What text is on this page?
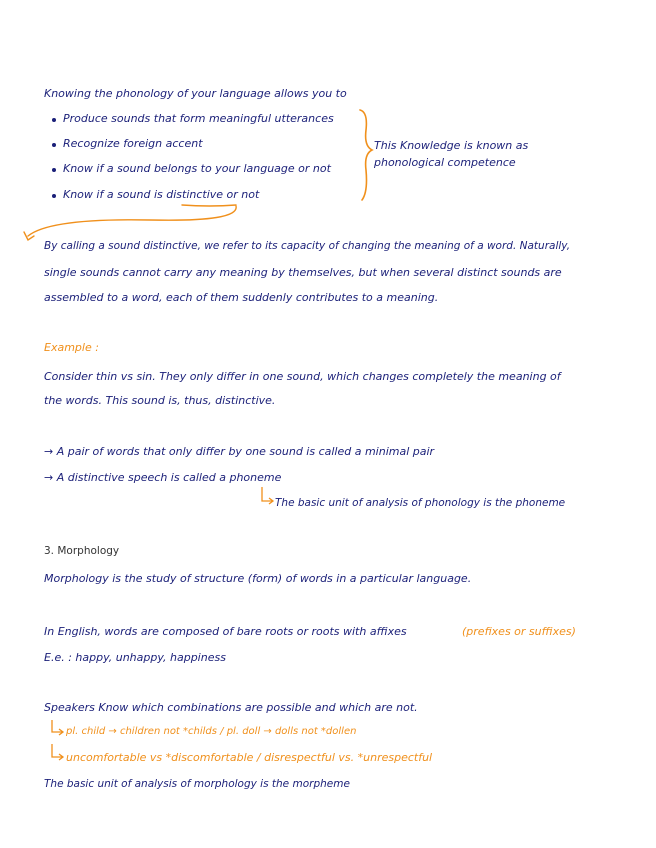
Knowing the phonology of your language allows you to
Produce sounds that form meaningful utterances
Recognize foreign accent
Know if a sound belongs to your language or not
Know if a sound is distinctive or not
This Knowledge is known as
phonological competence
By calling a sound distinctive, we refer to its capacity of changing the meaning of a word. Naturally,
single sounds cannot carry any meaning by themselves, but when several distinct sounds are
assembled to a word, each of them suddenly contributes to a meaning.
Example :
Consider thin vs sin. They only differ in one sound, which changes completely the meaning of
the words. This sound is, thus, distinctive.
→ A pair of words that only differ by one sound is called a minimal pair
→ A distinctive speech is called a phoneme
The basic unit of analysis of phonology is the phoneme
3. Morphology
Morphology is the study of structure (form) of words in a particular language.
In English, words are composed of bare roots or roots with affixes	(prefixes or suffixes)
E.e. : happy, unhappy, happiness
Speakers Know which combinations are possible and which are not.
pl. child → children not *childs / pl. doll → dolls not *dollen
uncomfortable vs *discomfortable / disrespectful vs. *unrespectful
The basic unit of analysis of morphology is the morpheme
